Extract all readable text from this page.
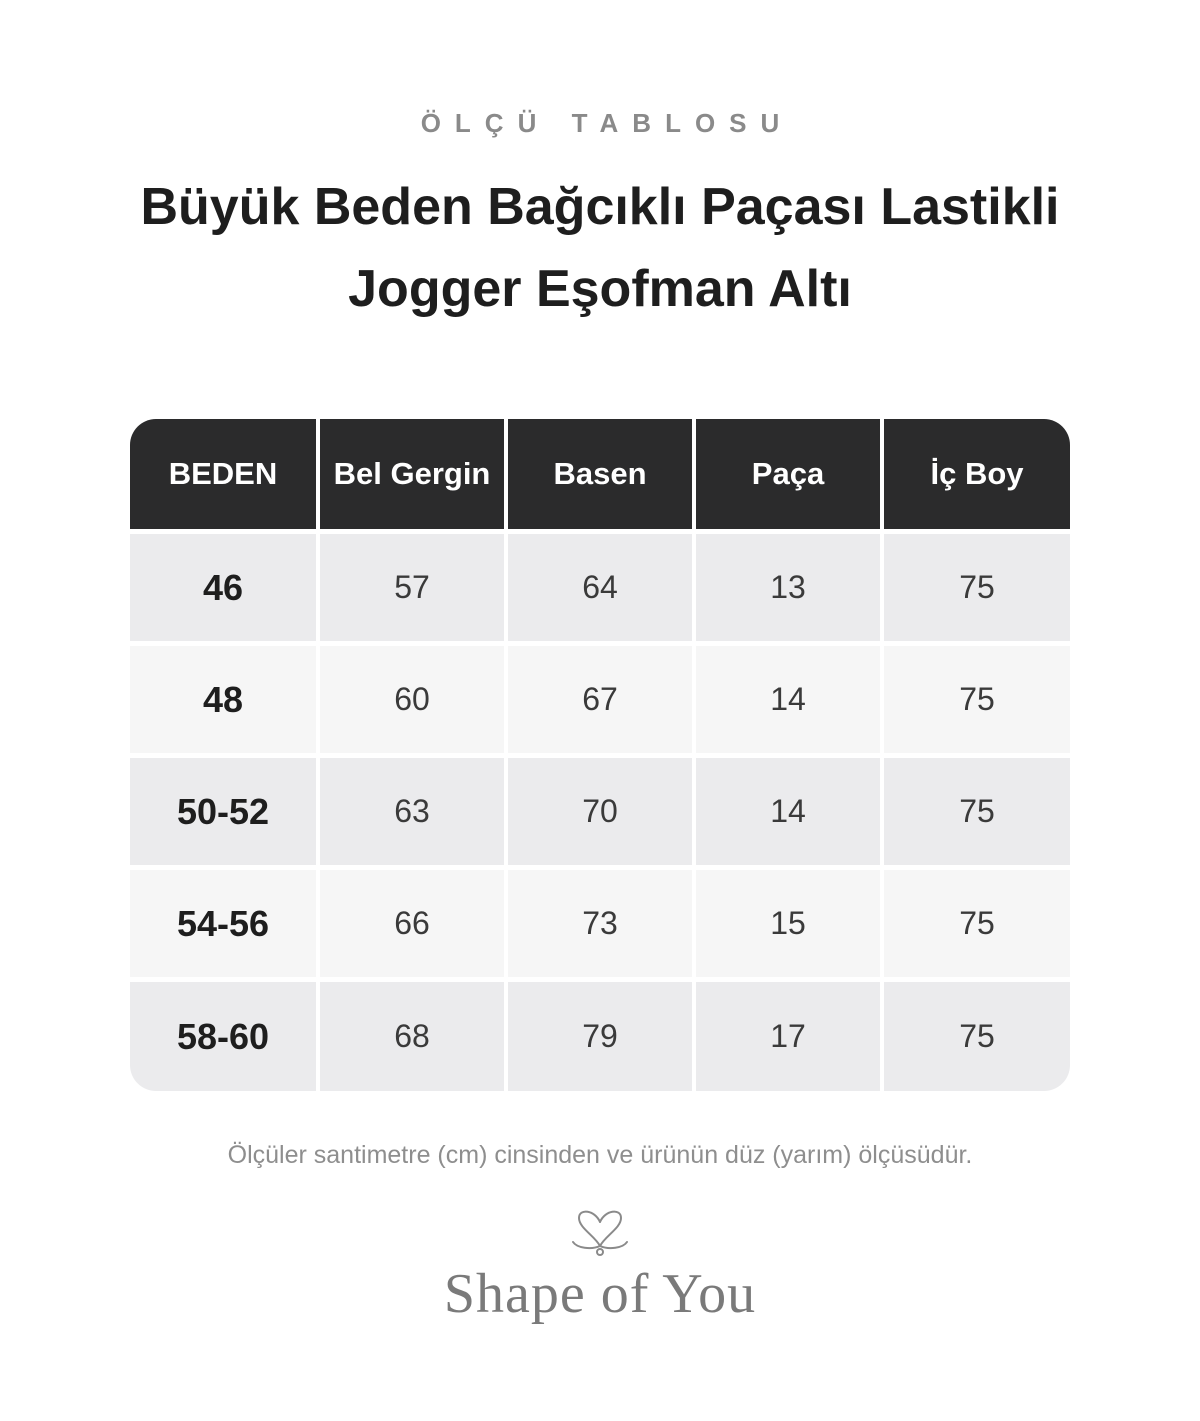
ÖLÇÜ TABLOSU
Büyük Beden Bağcıklı Paçası Lastikli
Jogger Eşofman Altı
BEDEN	Bel Gergin	Basen	Paça	İç Boy
46	57	64	13	75
48	60	67	14	75
50-52	63	70	14	75
54-56	66	73	15	75
58-60	68	79	17	75
Ölçüler santimetre (cm) cinsinden ve ürünün düz (yarım) ölçüsüdür.
Shape of You
